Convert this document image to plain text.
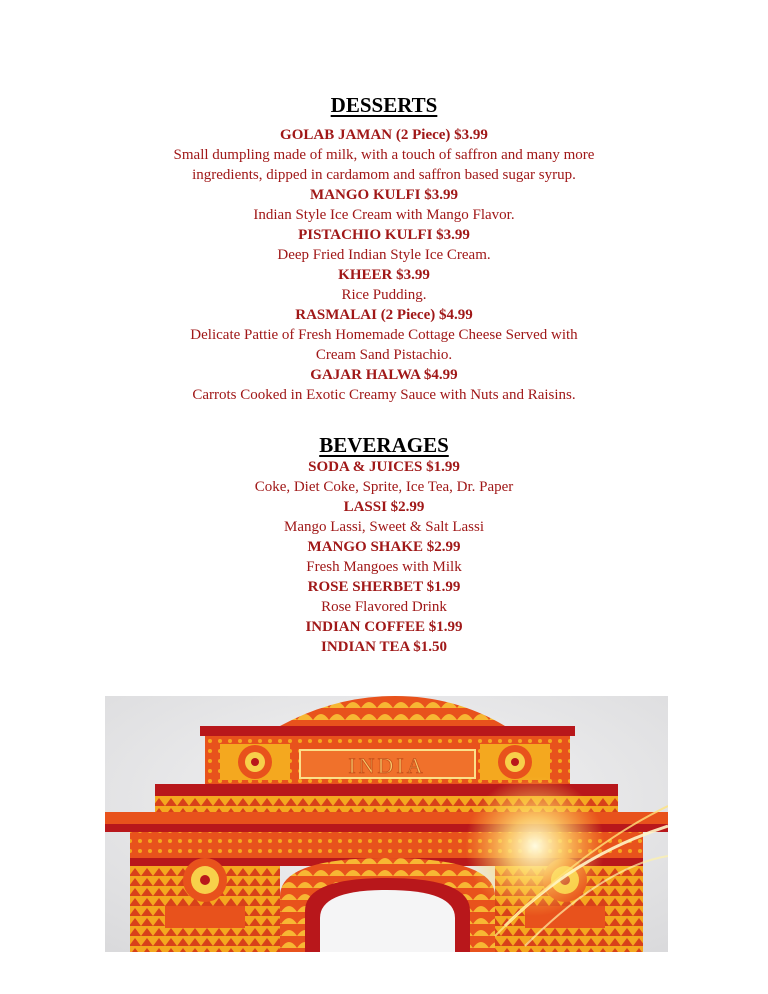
DESSERTS
GOLAB JAMAN (2 Piece) $3.99
Small dumpling made of milk, with a touch of saffron and many more
ingredients, dipped in cardamom and saffron based sugar syrup.
MANGO KULFI $3.99
Indian Style Ice Cream with Mango Flavor.
PISTACHIO KULFI $3.99
Deep Fried Indian Style Ice Cream.
KHEER $3.99
Rice Pudding.
RASMALAI (2 Piece) $4.99
Delicate Pattie of Fresh Homemade Cottage Cheese Served with
Cream Sand Pistachio.
GAJAR HALWA $4.99
Carrots Cooked in Exotic Creamy Sauce with Nuts and Raisins.
BEVERAGES
SODA & JUICES $1.99
Coke, Diet Coke, Sprite, Ice Tea, Dr. Paper
LASSI $2.99
Mango Lassi, Sweet & Salt Lassi
MANGO SHAKE $2.99
Fresh Mangoes with Milk
ROSE SHERBET $1.99
Rose Flavored Drink
INDIAN COFFEE $1.99
INDIAN TEA $1.50
INDIA
